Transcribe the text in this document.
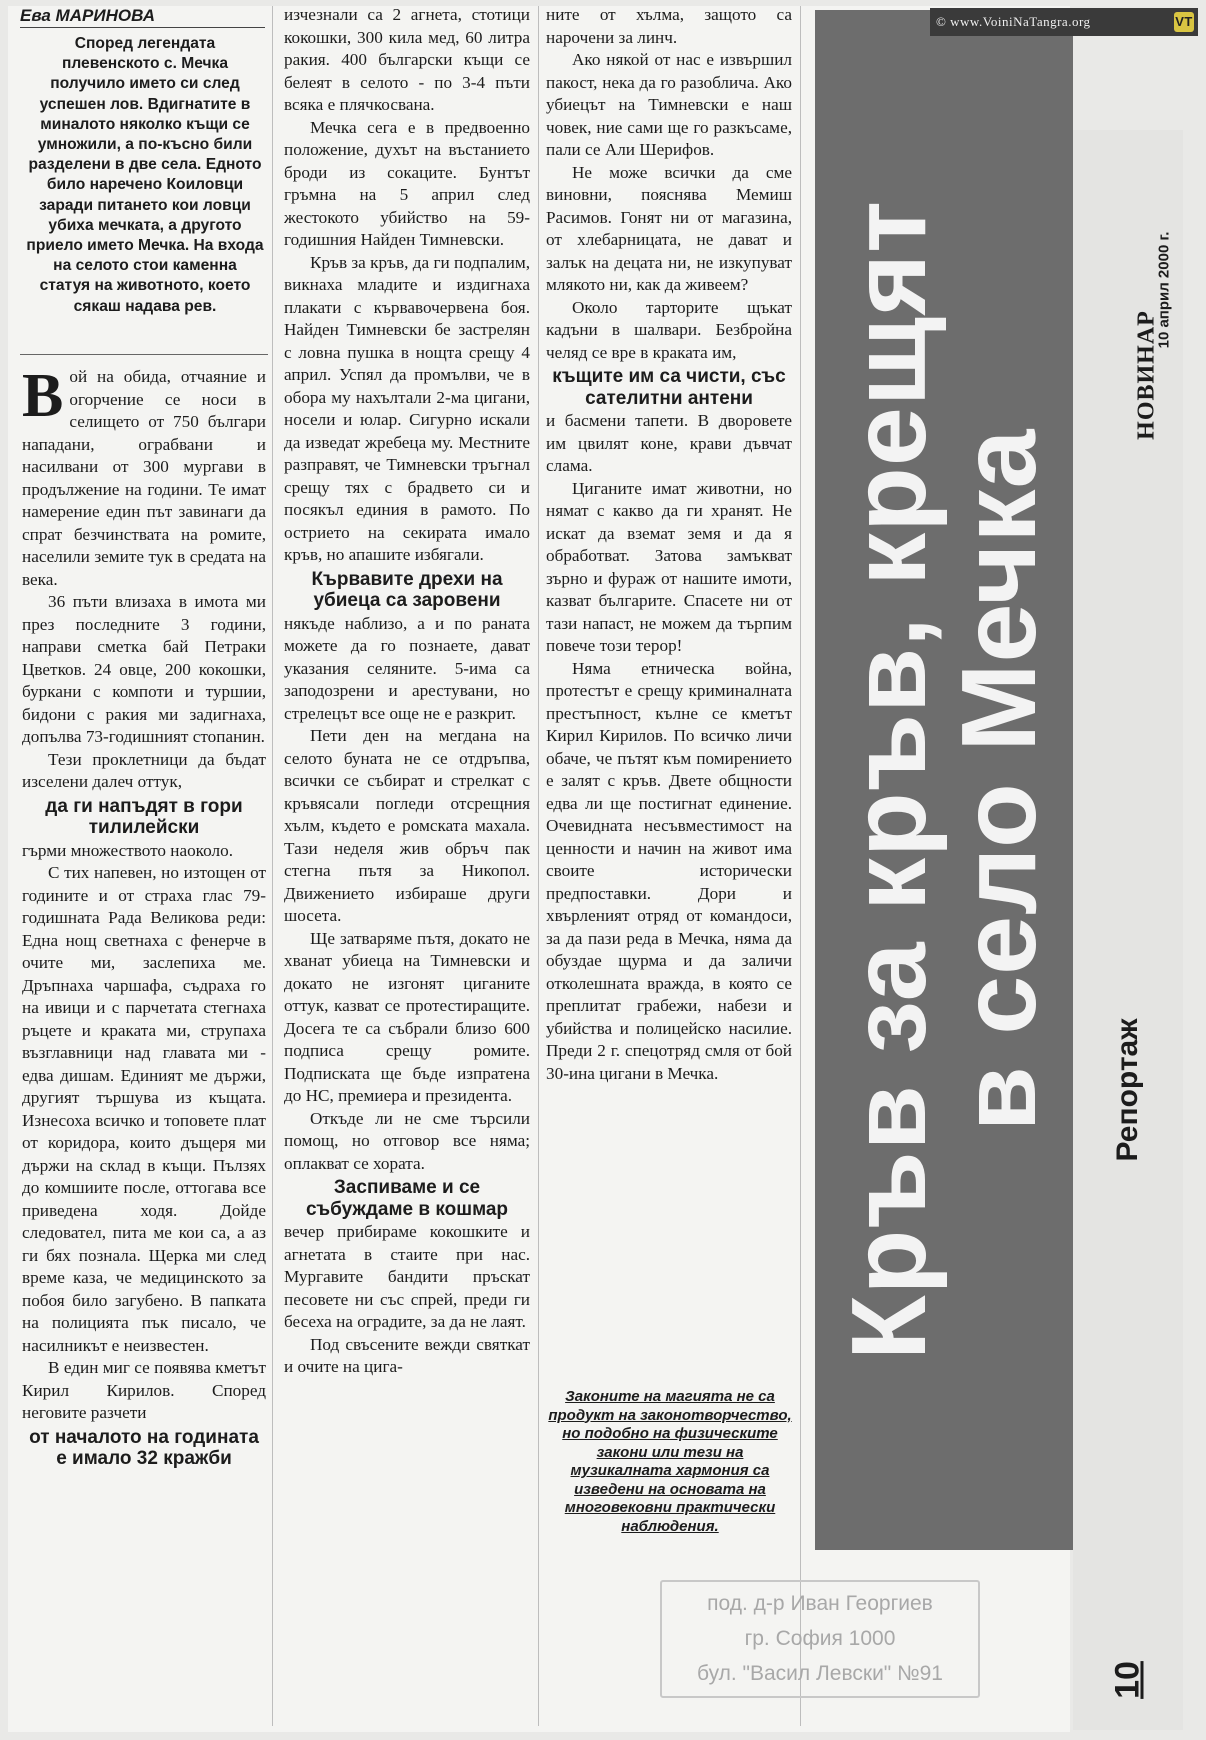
Ева МАРИНОВА
Според легендата плевенското с. Мечка получило името си след успешен лов. Вдигнатите в миналото няколко къщи се умножили, а по-късно били разделени в две села. Едното било наречено Коиловци заради питането кои ловци убиха мечката, а другото приело името Мечка. На входа на селото стои каменна статуя на животното, което сякаш надава рев.

Вой на обида, отчаяние и огорчение се носи в селището от 750 българи нападани, ограбвани и насилвани от 300 мургави в продължение на години. Те имат намерение един път завинаги да спрат безчинствата на ромите, населили земите тук в средата на века.

36 пъти влизаха в имота ми през последните 3 години, направи сметка бай Петраки Цветков. 24 овце, 200 кокошки, буркани с компоти и туршии, бидони с ракия ми задигнаха, допълва 73-годишният стопанин.

Тези проклетници да бъдат изселени далеч оттук,

да ги напъдят в гори тилилейски

гърми множеството наоколо.

С тих напевен, но изтощен от годините и от страха глас 79-годишната Рада Великова реди: Една нощ светнаха с фенерче в очите ми, заслепиха ме. Дръпнаха чаршафа, съдраха го на ивици и с парчетата стегнаха ръцете и краката ми, струпаха възглавници над главата ми - едва дишам. Единият ме държи, другият тършува из къщата. Изнесоха всичко и топовете плат от коридора, които дъщеря ми държи на склад в къщи. Пълзях до комшиите после, оттогава все приведена ходя. Дойде следовател, пита ме кои са, а аз ги бях познала. Щерка ми след време каза, че медицинското за побоя било загубено. В папката на полицията пък писало, че насилникът е неизвестен.

В един миг се появява кметът Кирил Кирилов. Според неговите разчети

от началото на годината е имало 32 кражби

изчезнали са 2 агнета, стотици кокошки, 300 кила мед, 60 литра ракия. 400 български къщи се белеят в селото - по 3-4 пъти всяка е плячкосвана.

Мечка сега е в предвоенно положение, духът на въстанието броди из сокаците. Бунтът гръмна на 5 април след жестокото убийство на 59-годишния Найден Тимневски.

Кръв за кръв, да ги подпалим, викнаха младите и издигнаха плакати с кървавочервена боя. Найден Тимневски бе застрелян с ловна пушка в нощта срещу 4 април. Успял да промълви, че в обора му нахълтали 2-ма цигани, носели и юлар. Сигурно искали да изведат жребеца му. Местните разправят, че Тимневски тръгнал срещу тях с брадвето си и посякъл единия в рамото. По острието на секирата имало кръв, но апашите избягали.

Кървавите дрехи на убиеца са заровени

някъде наблизо, а и по раната можете да го познаете, дават указания селяните. 5-има са заподозрени и арестувани, но стрелецът все още не е разкрит.

Пети ден на мегдана на селото буната не се отдръпва, всички се събират и стрелкат с кръвясали погледи отсрещния хълм, където е ромската махала. Тази неделя жив обръч пак стегна пътя за Никопол. Движението избираше други шосета.

Ще затваряме пътя, докато не хванат убиеца на Тимневски и докато не изгонят циганите оттук, казват се протестиращите. Досега те са събрали близо 600 подписа срещу ромите. Подписката ще бъде изпратена до НС, премиера и президента.

Откъде ли не сме търсили помощ, но отговор все няма; оплакват се хората.

Заспиваме и се събуждаме в кошмар

вечер прибираме кокошките и агнетата в стаите при нас. Мургавите бандити пръскат песовете ни със спрей, преди ги бесеха на оградите, за да не лаят.

Под свъсените вежди святкат и очите на цига-

ните от хълма, защото са нарочени за линч.

Ако някой от нас е извършил пакост, нека да го разоблича. Ако убиецът на Тимневски е наш човек, ние сами ще го разкъсаме, пали се Али Шерифов.

Не може всички да сме виновни, пояснява Мемиш Расимов. Гонят ни от магазина, от хлебарницата, не дават и залък на децата ни, не изкупуват млякото ни, как да живеем?

Около тарторите щъкат кадъни в шалвари. Безбройна челяд се вре в краката им,

къщите им са чисти, със сателитни антени

и басмени тапети. В дворовете им цвилят коне, крави дъвчат слама.

Циганите имат животни, но нямат с какво да ги хранят. Не искат да вземат земя и да я обработват. Затова замъкват зърно и фураж от нашите имоти, казват българите. Спасете ни от тази напаст, не можем да търпим повече този терор!

Няма етническа война, протестът е срещу криминалната престъпност, кълне се кметът Кирил Кирилов. По всичко личи обаче, че пътят към помирението е залят с кръв. Двете общности едва ли ще постигнат единение. Очевидната несъвместимост на ценности и начин на живот има своите исторически предпоставки. Дори и хвърленият отряд от командоси, за да пази реда в Мечка, няма да обуздае щурма и да заличи отколешната вражда, в която се преплитат грабежи, набези и убийства и полицейско насилие. Преди 2 г. спецотряд смля от бой 30-ина цигани в Мечка.

Законите на магията не са продукт на законотворчество, но подобно на физическите закони или тези на музикалната хармония са изведени на основата на многовековни практически наблюдения.
Кръв за кръв, крещят
в село Мечка
НОВИНАР
10 април 2000 г.
Репортаж
10
© www.VoiniNaTangra.org	VT
под. д-р Иван Георгиев
гр. София 1000
бул. "Васил Левски" №91
